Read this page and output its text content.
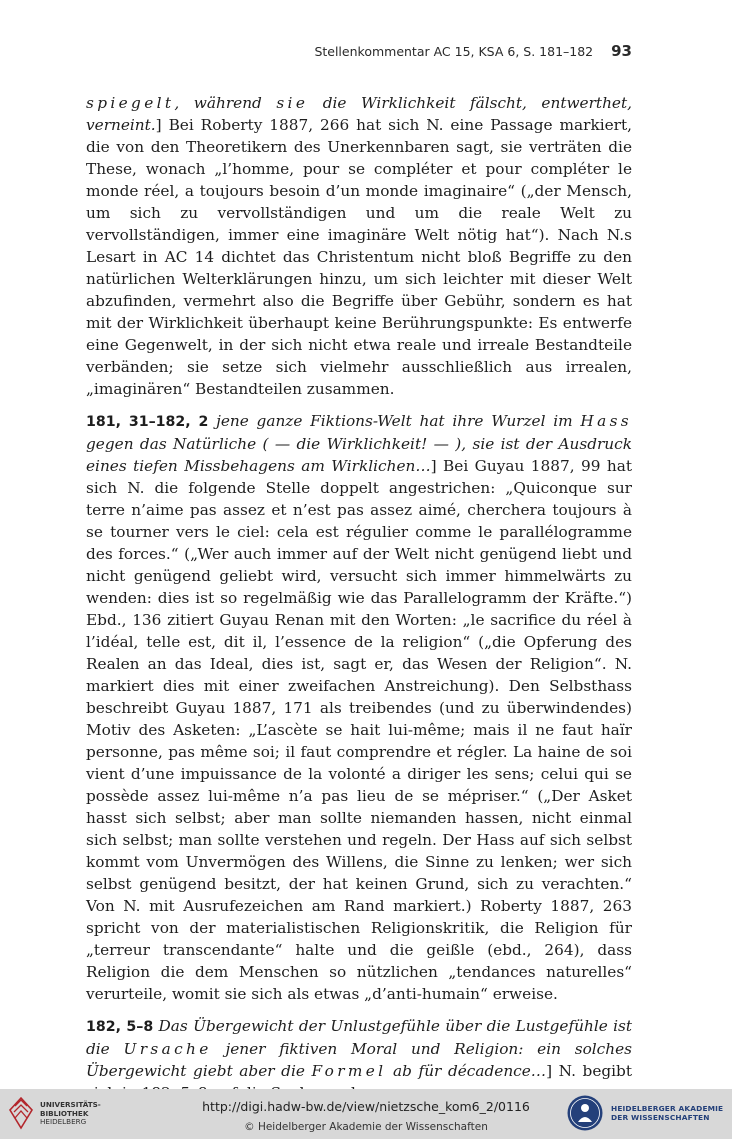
Stellenkommentar AC 15, KSA 6, S. 181–182 93

spiegelt, während sie die Wirklichkeit fälscht, entwerthet, verneint.] Bei Roberty 1887, 266 hat sich N. eine Passage markiert, die von den Theoretikern des Unerkennbaren sagt, sie verträten die These, wonach „l’homme, pour se compléter et pour compléter le monde réel, a toujours besoin d’un monde imaginaire“ („der Mensch, um sich zu vervollständigen und um die reale Welt zu vervollständigen, immer eine imaginäre Welt nötig hat“). Nach N.s Lesart in AC 14 dichtet das Christentum nicht bloß Begriffe zu den natürlichen Welterklärungen hinzu, um sich leichter mit dieser Welt abzufinden, vermehrt also die Begriffe über Gebühr, sondern es hat mit der Wirklichkeit überhaupt keine Berührungspunkte: Es entwerfe eine Gegenwelt, in der sich nicht etwa reale und irreale Bestandteile verbänden; sie setze sich vielmehr ausschließlich aus irrealen, „imaginären“ Bestandteilen zusammen.

181, 31–182, 2 jene ganze Fiktions-Welt hat ihre Wurzel im Hass gegen das Natürliche ( — die Wirklichkeit! — ), sie ist der Ausdruck eines tiefen Missbehagens am Wirklichen…] Bei Guyau 1887, 99 hat sich N. die folgende Stelle doppelt angestrichen: „Quiconque sur terre n’aime pas assez et n’est pas assez aimé, cherchera toujours à se tourner vers le ciel: cela est régulier comme le parallélogramme des forces.“ („Wer auch immer auf der Welt nicht genügend liebt und nicht genügend geliebt wird, versucht sich immer himmelwärts zu wenden: dies ist so regelmäßig wie das Parallelogramm der Kräfte.“) Ebd., 136 zitiert Guyau Renan mit den Worten: „le sacrifice du réel à l’idéal, telle est, dit il, l’essence de la religion“ („die Opferung des Realen an das Ideal, dies ist, sagt er, das Wesen der Religion“. N. markiert dies mit einer zweifachen Anstreichung). Den Selbsthass beschreibt Guyau 1887, 171 als treibendes (und zu überwindendes) Motiv des Asketen: „L’ascète se hait lui-même; mais il ne faut haïr personne, pas même soi; il faut comprendre et régler. La haine de soi vient d’une impuissance de la volonté a diriger les sens; celui qui se possède assez lui-même n’a pas lieu de se mépriser.“ („Der Asket hasst sich selbst; aber man sollte niemanden hassen, nicht einmal sich selbst; man sollte verstehen und regeln. Der Hass auf sich selbst kommt vom Unvermögen des Willens, die Sinne zu lenken; wer sich selbst genügend besitzt, der hat keinen Grund, sich zu verachten.“ Von N. mit Ausrufezeichen am Rand markiert.) Roberty 1887, 263 spricht von der materialistischen Religionskritik, die Religion für „terreur transcendante“ halte und die geißle (ebd., 264), dass Religion die dem Menschen so nützlichen „tendances naturelles“ verurteile, womit sie sich als etwas „d’anti-humain“ erweise.

182, 5–8 Das Übergewicht der Unlustgefühle über die Lustgefühle ist die Ursache jener fiktiven Moral und Religion: ein solches Übergewicht giebt aber die Formel ab für décadence…] N. begibt

UNIVERSITÄTS-
BIBLIOTHEK
HEIDELBERG
http://digi.hadw-bw.de/view/nietzsche_kom6_2/0116
© Heidelberger Akademie der Wissenschaften
HEIDELBERGER AKADEMIE
DER WISSENSCHAFTEN
